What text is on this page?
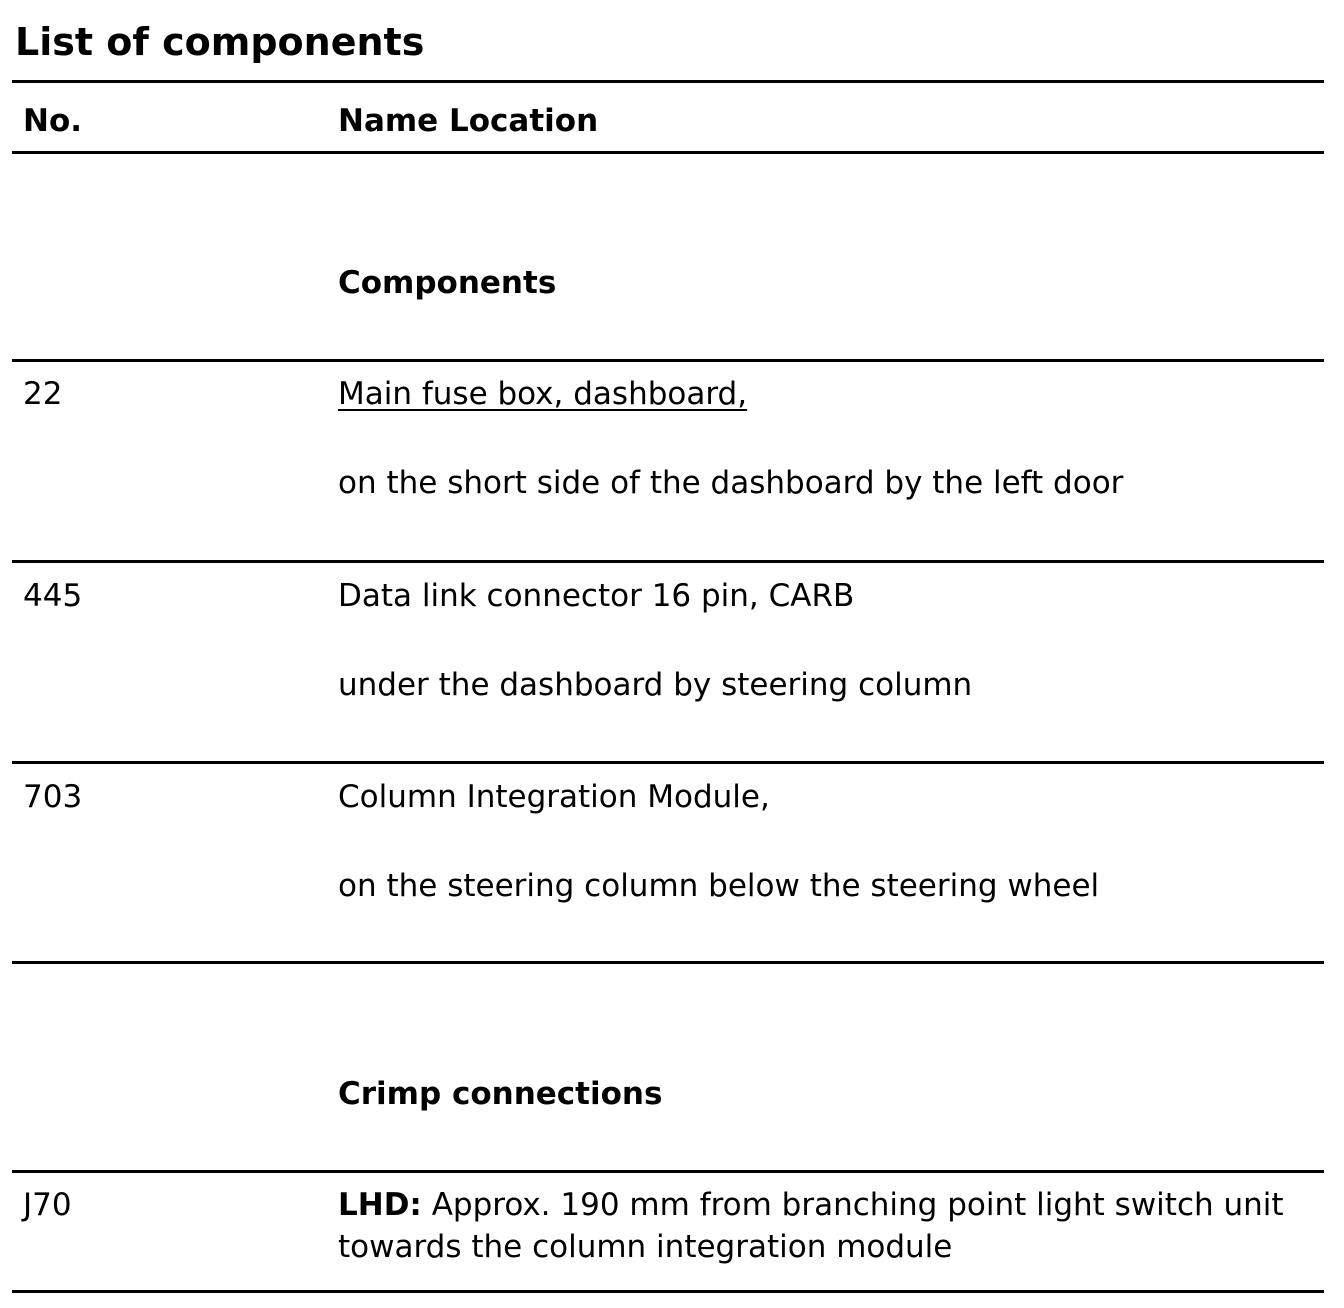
List of components
No.	Name Location
Components
22	Main fuse box, dashboard,
on the short side of the dashboard by the left door
445	Data link connector 16 pin, CARB
under the dashboard by steering column
703	Column Integration Module,
on the steering column below the steering wheel
Crimp connections
J70	LHD: Approx. 190 mm from branching point light switch unit towards the column integration module
